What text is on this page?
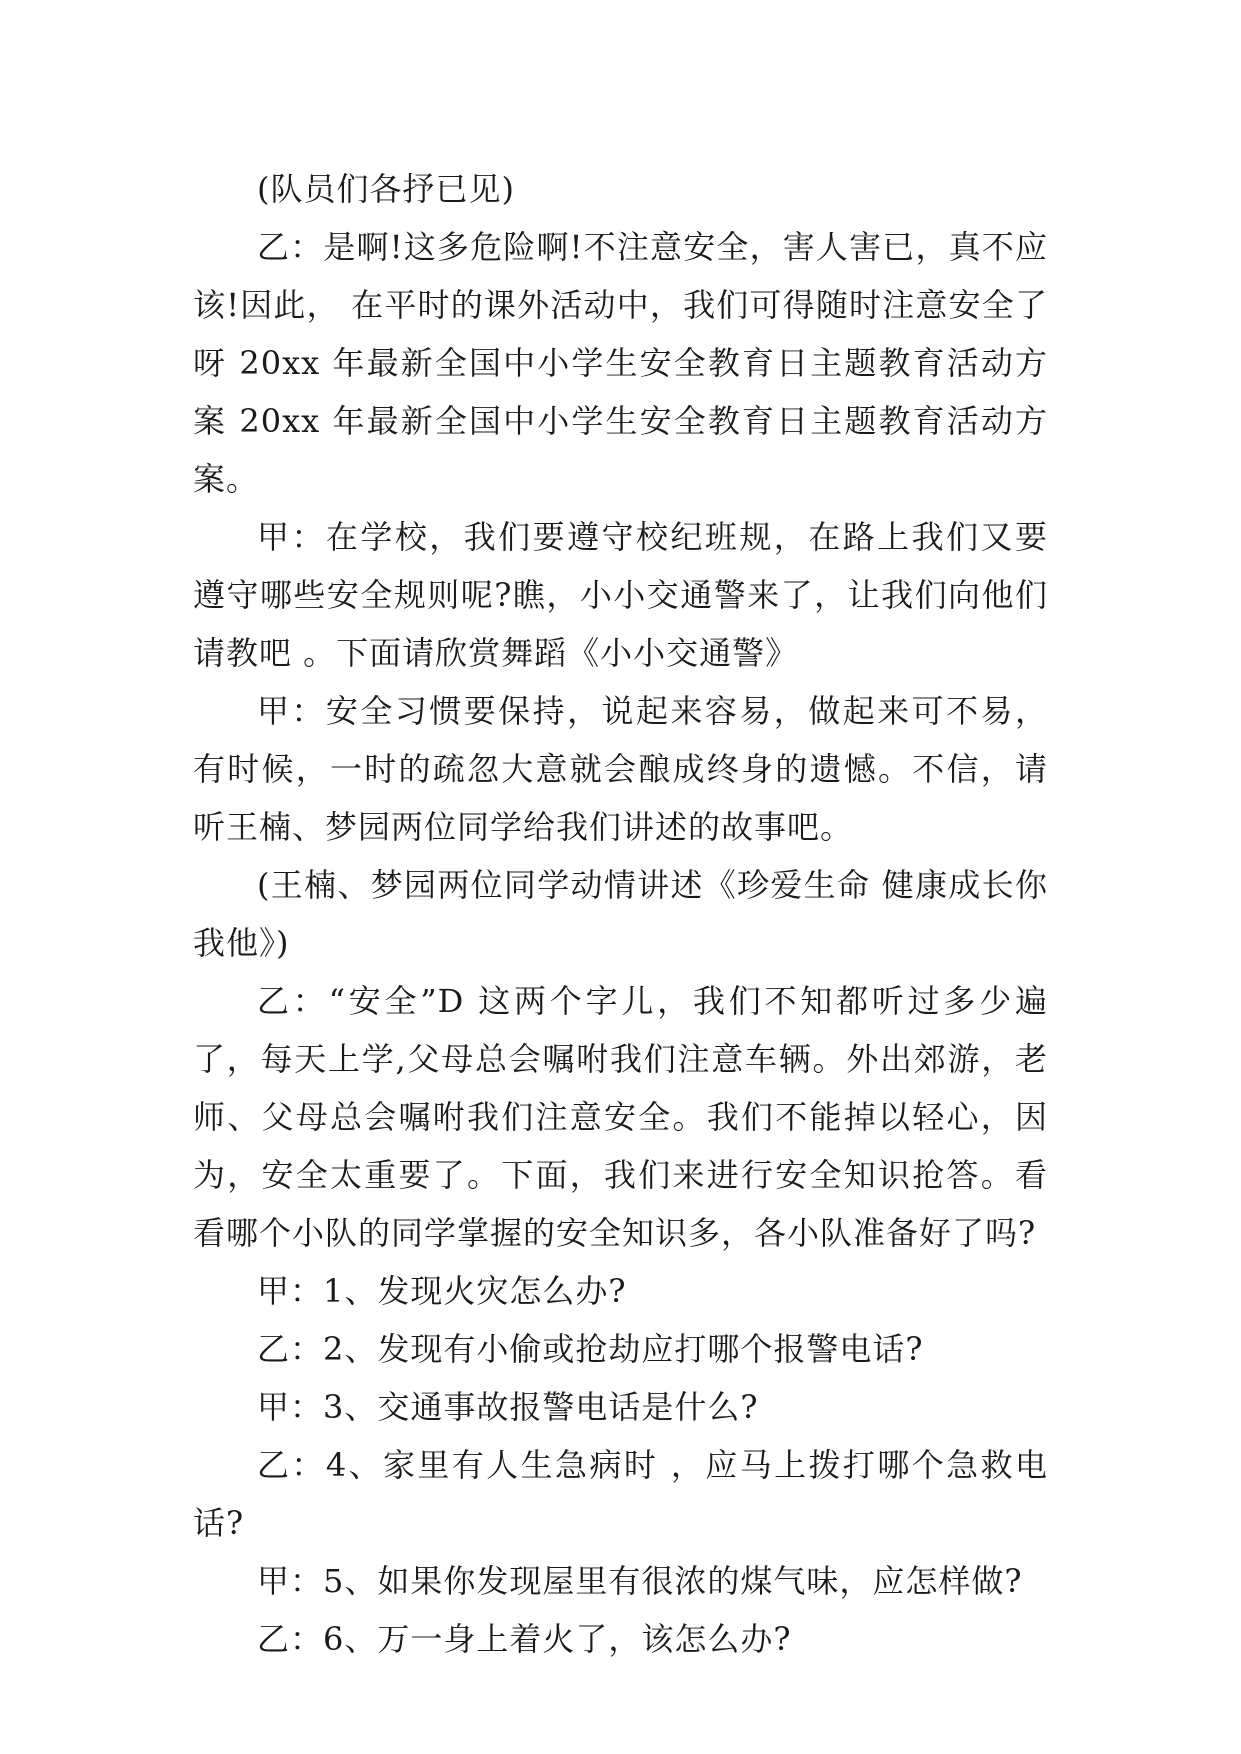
(队员们各抒已见)

乙：是啊!这多危险啊!不注意安全，害人害已，真不应该!因此， 在平时的课外活动中，我们可得随时注意安全了呀 20xx 年最新全国中小学生安全教育日主题教育活动方案 20xx 年最新全国中小学生安全教育日主题教育活动方案。

甲：在学校，我们要遵守校纪班规，在路上我们又要遵守哪些安全规则呢?瞧，小小交通警来了，让我们向他们请教吧 。下面请欣赏舞蹈《小小交通警》

甲：安全习惯要保持，说起来容易，做起来可不易，有时候，一时的疏忽大意就会酿成终身的遗憾。不信，请听王楠、梦园两位同学给我们讲述的故事吧。

(王楠、梦园两位同学动情讲述《珍爱生命 健康成长你我他》)

乙：“安全”D 这两个字儿，我们不知都听过多少遍了，每天上学,父母总会嘱咐我们注意车辆。外出郊游，老师、父母总会嘱咐我们注意安全。我们不能掉以轻心，因为，安全太重要了。下面，我们来进行安全知识抢答。看看哪个小队的同学掌握的安全知识多，各小队准备好了吗?

甲：1、发现火灾怎么办?

乙：2、发现有小偷或抢劫应打哪个报警电话?

甲：3、交通事故报警电话是什么?

乙：4、家里有人生急病时 ，应马上拨打哪个急救电话?

甲：5、如果你发现屋里有很浓的煤气味，应怎样做?

乙：6、万一身上着火了，该怎么办?
